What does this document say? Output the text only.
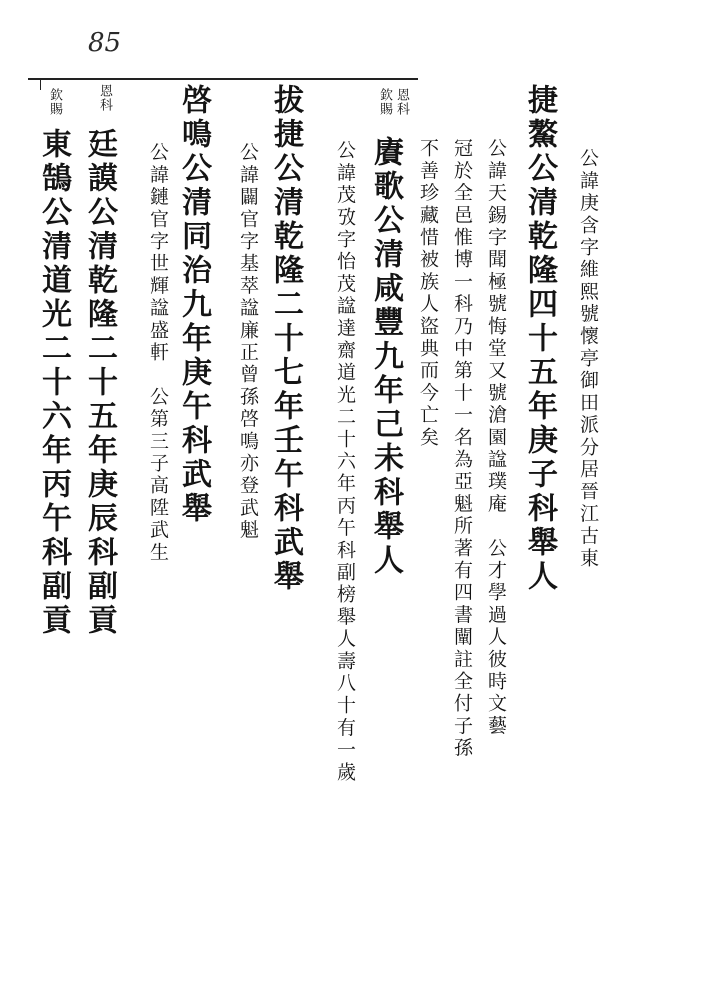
85
公諱庚含字維熙號懷亭御田派分居晉江古東
捷鰲公清乾隆四十五年庚子科舉人
公諱天錫字聞極號悔堂又號滄園諡璞庵　公才學過人彼時文藝
冠於全邑惟博一科乃中第十一名為亞魁所著有四書闡註全付子孫
不善珍藏惜被族人盜典而今亡矣
欽賜 恩科
賡歌公清咸豐九年己未科舉人
公諱茂攷字怡茂諡達齋道光二十六年丙午科副榜舉人壽八十有一歲
拔捷公清乾隆二十七年壬午科武舉
公諱闢官字基萃諡廉正曾孫啓鳴亦登武魁
啓鳴公清同治九年庚午科武舉
公諱鏈官字世輝諡盛軒　公第三子高陞武生
恩科
廷謨公清乾隆二十五年庚辰科副貢
欽賜
東鵠公清道光二十六年丙午科副貢
